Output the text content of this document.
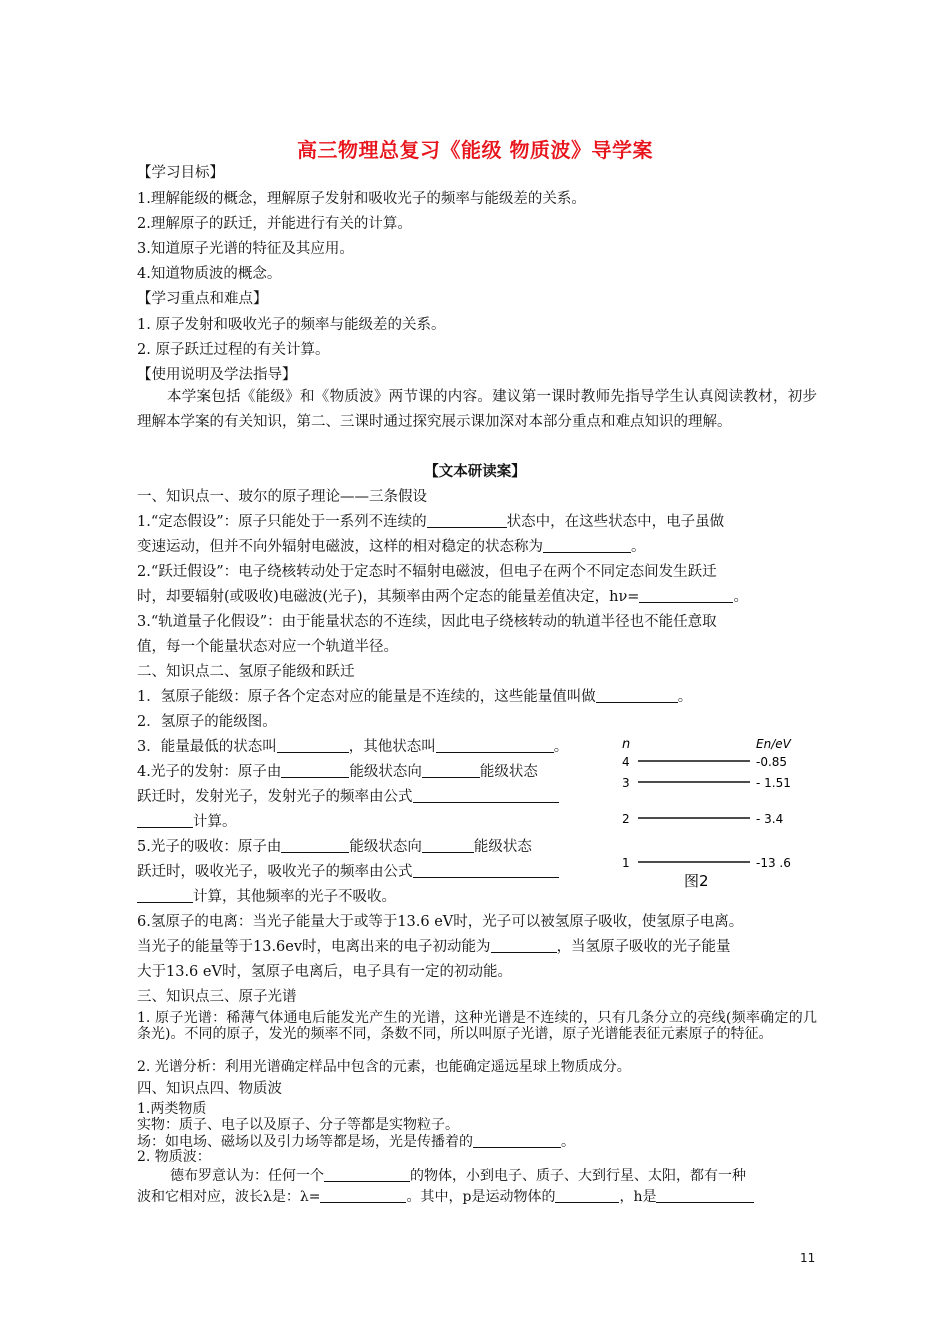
高三物理总复习《能级 物质波》导学案
【学习目标】
1.理解能级的概念，理解原子发射和吸收光子的频率与能级差的关系。
2.理解原子的跃迁，并能进行有关的计算。
3.知道原子光谱的特征及其应用。
4.知道物质波的概念。
【学习重点和难点】
1. 原子发射和吸收光子的频率与能级差的关系。
2. 原子跃迁过程的有关计算。
【使用说明及学法指导】
本学案包括《能级》和《物质波》两节课的内容。建议第一课时教师先指导学生认真阅读教材，初步理解本学案的有关知识，第二、三课时通过探究展示课加深对本部分重点和难点知识的理解。
【文本研读案】
一、知识点一、玻尔的原子理论——三条假设
1.“定态假设”：原子只能处于一系列不连续的	状态中，在这些状态中，电子虽做
变速运动，但并不向外辐射电磁波，这样的相对稳定的状态称为	。
2.“跃迁假设”：电子绕核转动处于定态时不辐射电磁波，但电子在两个不同定态间发生跃迁
时，却要辐射(或吸收)电磁波(光子)，其频率由两个定态的能量差值决定，hν=	。
3.“轨道量子化假设”：由于能量状态的不连续，因此电子绕核转动的轨道半径也不能任意取
值，每一个能量状态对应一个轨道半径。
二、知识点二、氢原子能级和跃迁
1．氢原子能级：原子各个定态对应的能量是不连续的，这些能量值叫做	。
2．氢原子的能级图。
3．能量最低的状态叫	，其他状态叫	。
4.光子的发射：原子由	能级状态向	能级状态
跃迁时，发射光子，发射光子的频率由公式
计算。
5.光子的吸收：原子由	能级状态向	能级状态
跃迁时，吸收光子，吸收光子的频率由公式
计算，其他频率的光子不吸收。
6.氢原子的电离：当光子能量大于或等于13.6 eV时，光子可以被氢原子吸收，使氢原子电离。
当光子的能量等于13.6ev时，电离出来的电子初动能为	，当氢原子吸收的光子能量
大于13.6 eV时，氢原子电离后，电子具有一定的初动能。
n	En/eV
4	-0.85
3	- 1.51
2	- 3.4
1	-13 .6
图2
三、知识点三、原子光谱
1. 原子光谱：稀薄气体通电后能发光产生的光谱，这种光谱是不连续的，只有几条分立的亮线(频率确定的几条光)。不同的原子，发光的频率不同，条数不同，所以叫原子光谱，原子光谱能表征元素原子的特征。
2. 光谱分析：利用光谱确定样品中包含的元素，也能确定遥远星球上物质成分。
四、知识点四、物质波
1.两类物质
实物：质子、电子以及原子、分子等都是实物粒子。
场：如电场、磁场以及引力场等都是场，光是传播着的	。
2. 物质波：
德布罗意认为：任何一个	的物体，小到电子、质子、大到行星、太阳，都有一种
波和它相对应，波长λ是：λ=	。其中，p是运动物体的	，h是
11
